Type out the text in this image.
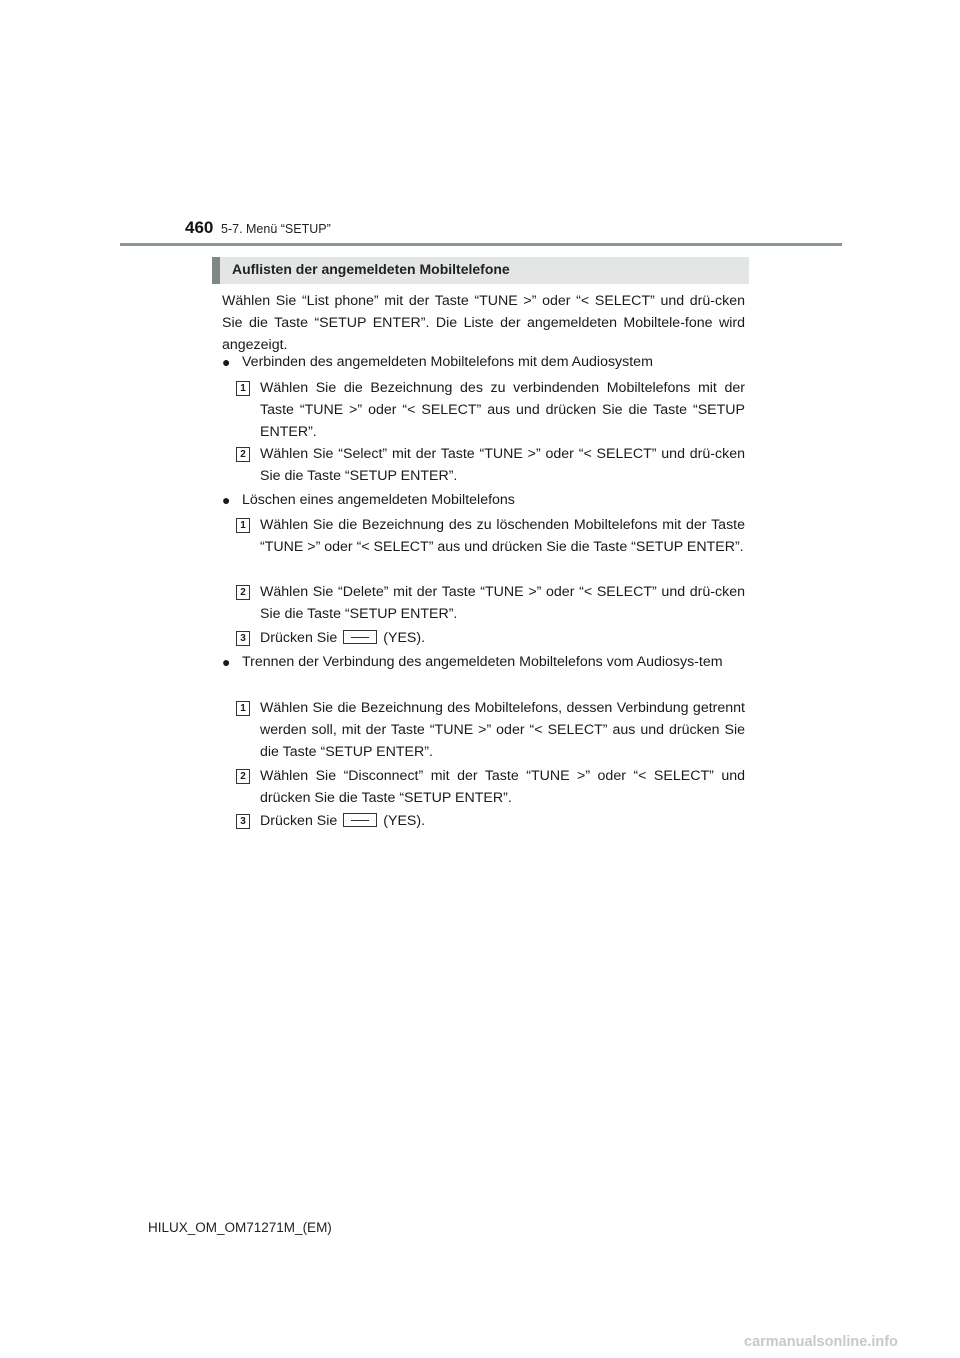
460 5-7. Menü “SETUP”
Auflisten der angemeldeten Mobiltelefone
Wählen Sie “List phone” mit der Taste “TUNE >” oder “< SELECT” und drü-cken Sie die Taste “SETUP ENTER”. Die Liste der angemeldeten Mobiltele-fone wird angezeigt.
● Verbinden des angemeldeten Mobiltelefons mit dem Audiosystem
1 Wählen Sie die Bezeichnung des zu verbindenden Mobiltelefons mit der Taste “TUNE >” oder “< SELECT” aus und drücken Sie die Taste “SETUP ENTER”.
2 Wählen Sie “Select” mit der Taste “TUNE >” oder “< SELECT” und drü-cken Sie die Taste “SETUP ENTER”.
● Löschen eines angemeldeten Mobiltelefons
1 Wählen Sie die Bezeichnung des zu löschenden Mobiltelefons mit der Taste “TUNE >” oder “< SELECT” aus und drücken Sie die Taste “SETUP ENTER”.
2 Wählen Sie “Delete” mit der Taste “TUNE >” oder “< SELECT” und drü-cken Sie die Taste “SETUP ENTER”.
3 Drücken Sie	(YES).
● Trennen der Verbindung des angemeldeten Mobiltelefons vom Audiosys-tem
1 Wählen Sie die Bezeichnung des Mobiltelefons, dessen Verbindung getrennt werden soll, mit der Taste “TUNE >” oder “< SELECT” aus und drücken Sie die Taste “SETUP ENTER”.
2 Wählen Sie “Disconnect” mit der Taste “TUNE >” oder “< SELECT” und drücken Sie die Taste “SETUP ENTER”.
3 Drücken Sie	(YES).
HILUX_OM_OM71271M_(EM)
carmanualsonline.info
